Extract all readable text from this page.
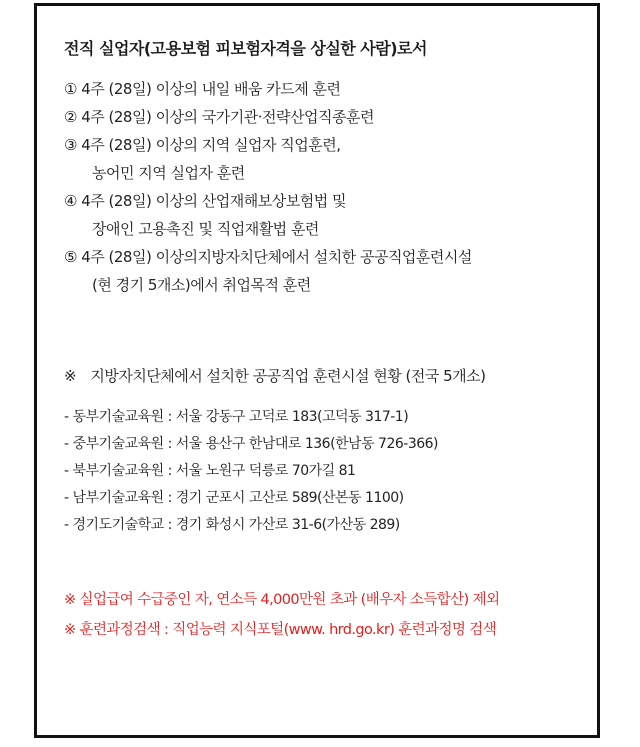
전직 실업자(고용보험 피보험자격을 상실한 사람)로서
① 4주 (28일) 이상의 내일 배움 카드제 훈련
② 4주 (28일) 이상의 국가기관·전략산업직종훈련
③ 4주 (28일) 이상의 지역 실업자 직업훈련,
농어민 지역 실업자 훈련
④ 4주 (28일) 이상의 산업재해보상보험법 및
장애인 고용촉진 및 직업재활법 훈련
⑤ 4주 (28일) 이상의지방자치단체에서 설치한 공공직업훈련시설
(현 경기 5개소)에서 취업목적 훈련
※ 지방자치단체에서 설치한 공공직업 훈련시설 현황 (전국 5개소)
- 동부기술교육원 : 서울 강동구 고덕로 183(고덕동 317-1)
- 중부기술교육원 : 서울 용산구 한남대로 136(한남동 726-366)
- 북부기술교육원 : 서울 노원구 덕릉로 70가길 81
- 남부기술교육원 : 경기 군포시 고산로 589(산본동 1100)
- 경기도기술학교 : 경기 화성시 가산로 31-6(가산동 289)
※ 실업급여 수급중인 자, 연소득 4,000만원 초과 (배우자 소득합산) 제외
※ 훈련과정검색 : 직업능력 지식포털(www. hrd.go.kr) 훈련과정명 검색
